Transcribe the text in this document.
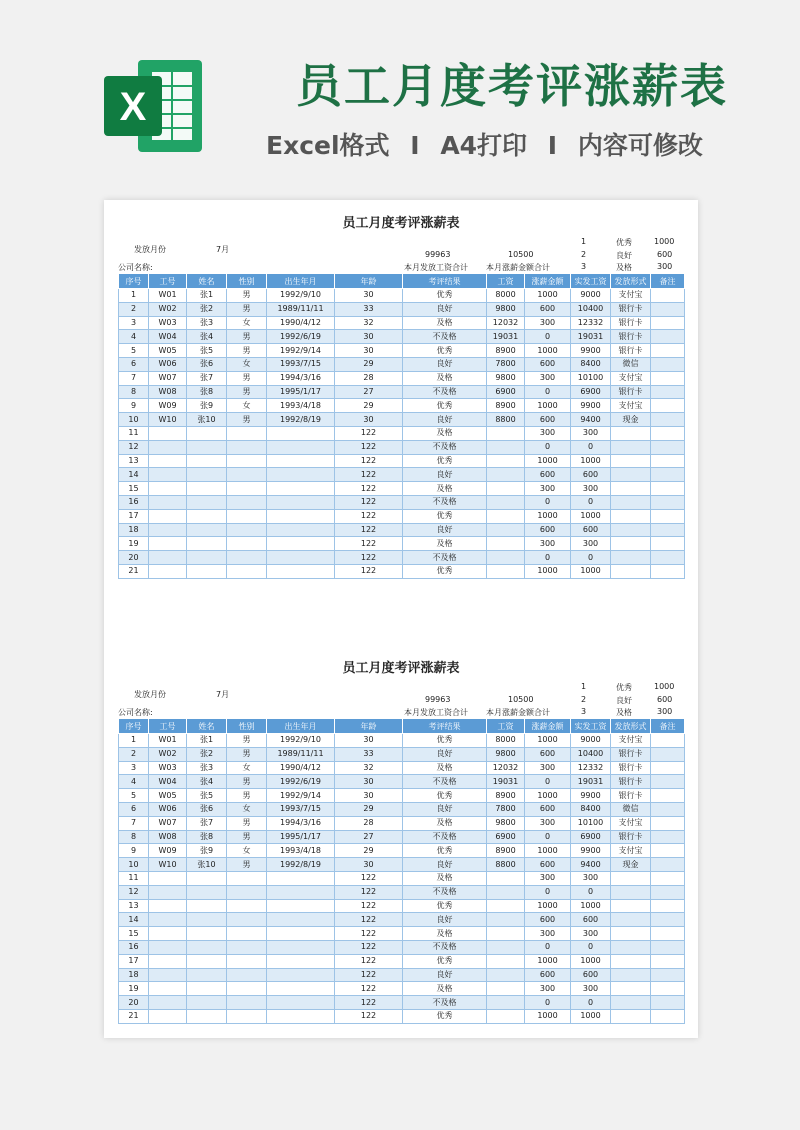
X	员工月度考评涨薪表
Excel格式 I A4打印 I 内容可修改
员工月度考评涨薪表
发放月份	7月
公司名称:
99963
本月发放工资合计
10500
本月涨薪金额合计
1	优秀	1000
2	良好	600
3	及格	300
序号	工号	姓名	性别	出生年月	年龄	考评结果	工资	涨薪金额	实发工资	发放形式	备注
1	W01	张1	男	1992/9/10	30	优秀	8000	1000	9000	支付宝	
2	W02	张2	男	1989/11/11	33	良好	9800	600	10400	银行卡	
3	W03	张3	女	1990/4/12	32	及格	12032	300	12332	银行卡	
4	W04	张4	男	1992/6/19	30	不及格	19031	0	19031	银行卡	
5	W05	张5	男	1992/9/14	30	优秀	8900	1000	9900	银行卡	
6	W06	张6	女	1993/7/15	29	良好	7800	600	8400	微信	
7	W07	张7	男	1994/3/16	28	及格	9800	300	10100	支付宝	
8	W08	张8	男	1995/1/17	27	不及格	6900	0	6900	银行卡	
9	W09	张9	女	1993/4/18	29	优秀	8900	1000	9900	支付宝	
10	W10	张10	男	1992/8/19	30	良好	8800	600	9400	现金	
11					122	及格		300	300		
12					122	不及格		0	0		
13					122	优秀		1000	1000		
14					122	良好		600	600		
15					122	及格		300	300		
16					122	不及格		0	0		
17					122	优秀		1000	1000		
18					122	良好		600	600		
19					122	及格		300	300		
20					122	不及格		0	0		
21					122	优秀		1000	1000		
员工月度考评涨薪表
发放月份	7月
公司名称:
99963
本月发放工资合计
10500
本月涨薪金额合计
1	优秀	1000
2	良好	600
3	及格	300
序号	工号	姓名	性别	出生年月	年龄	考评结果	工资	涨薪金额	实发工资	发放形式	备注
1	W01	张1	男	1992/9/10	30	优秀	8000	1000	9000	支付宝	
2	W02	张2	男	1989/11/11	33	良好	9800	600	10400	银行卡	
3	W03	张3	女	1990/4/12	32	及格	12032	300	12332	银行卡	
4	W04	张4	男	1992/6/19	30	不及格	19031	0	19031	银行卡	
5	W05	张5	男	1992/9/14	30	优秀	8900	1000	9900	银行卡	
6	W06	张6	女	1993/7/15	29	良好	7800	600	8400	微信	
7	W07	张7	男	1994/3/16	28	及格	9800	300	10100	支付宝	
8	W08	张8	男	1995/1/17	27	不及格	6900	0	6900	银行卡	
9	W09	张9	女	1993/4/18	29	优秀	8900	1000	9900	支付宝	
10	W10	张10	男	1992/8/19	30	良好	8800	600	9400	现金	
11					122	及格		300	300		
12					122	不及格		0	0		
13					122	优秀		1000	1000		
14					122	良好		600	600		
15					122	及格		300	300		
16					122	不及格		0	0		
17					122	优秀		1000	1000		
18					122	良好		600	600		
19					122	及格		300	300		
20					122	不及格		0	0		
21					122	优秀		1000	1000		
